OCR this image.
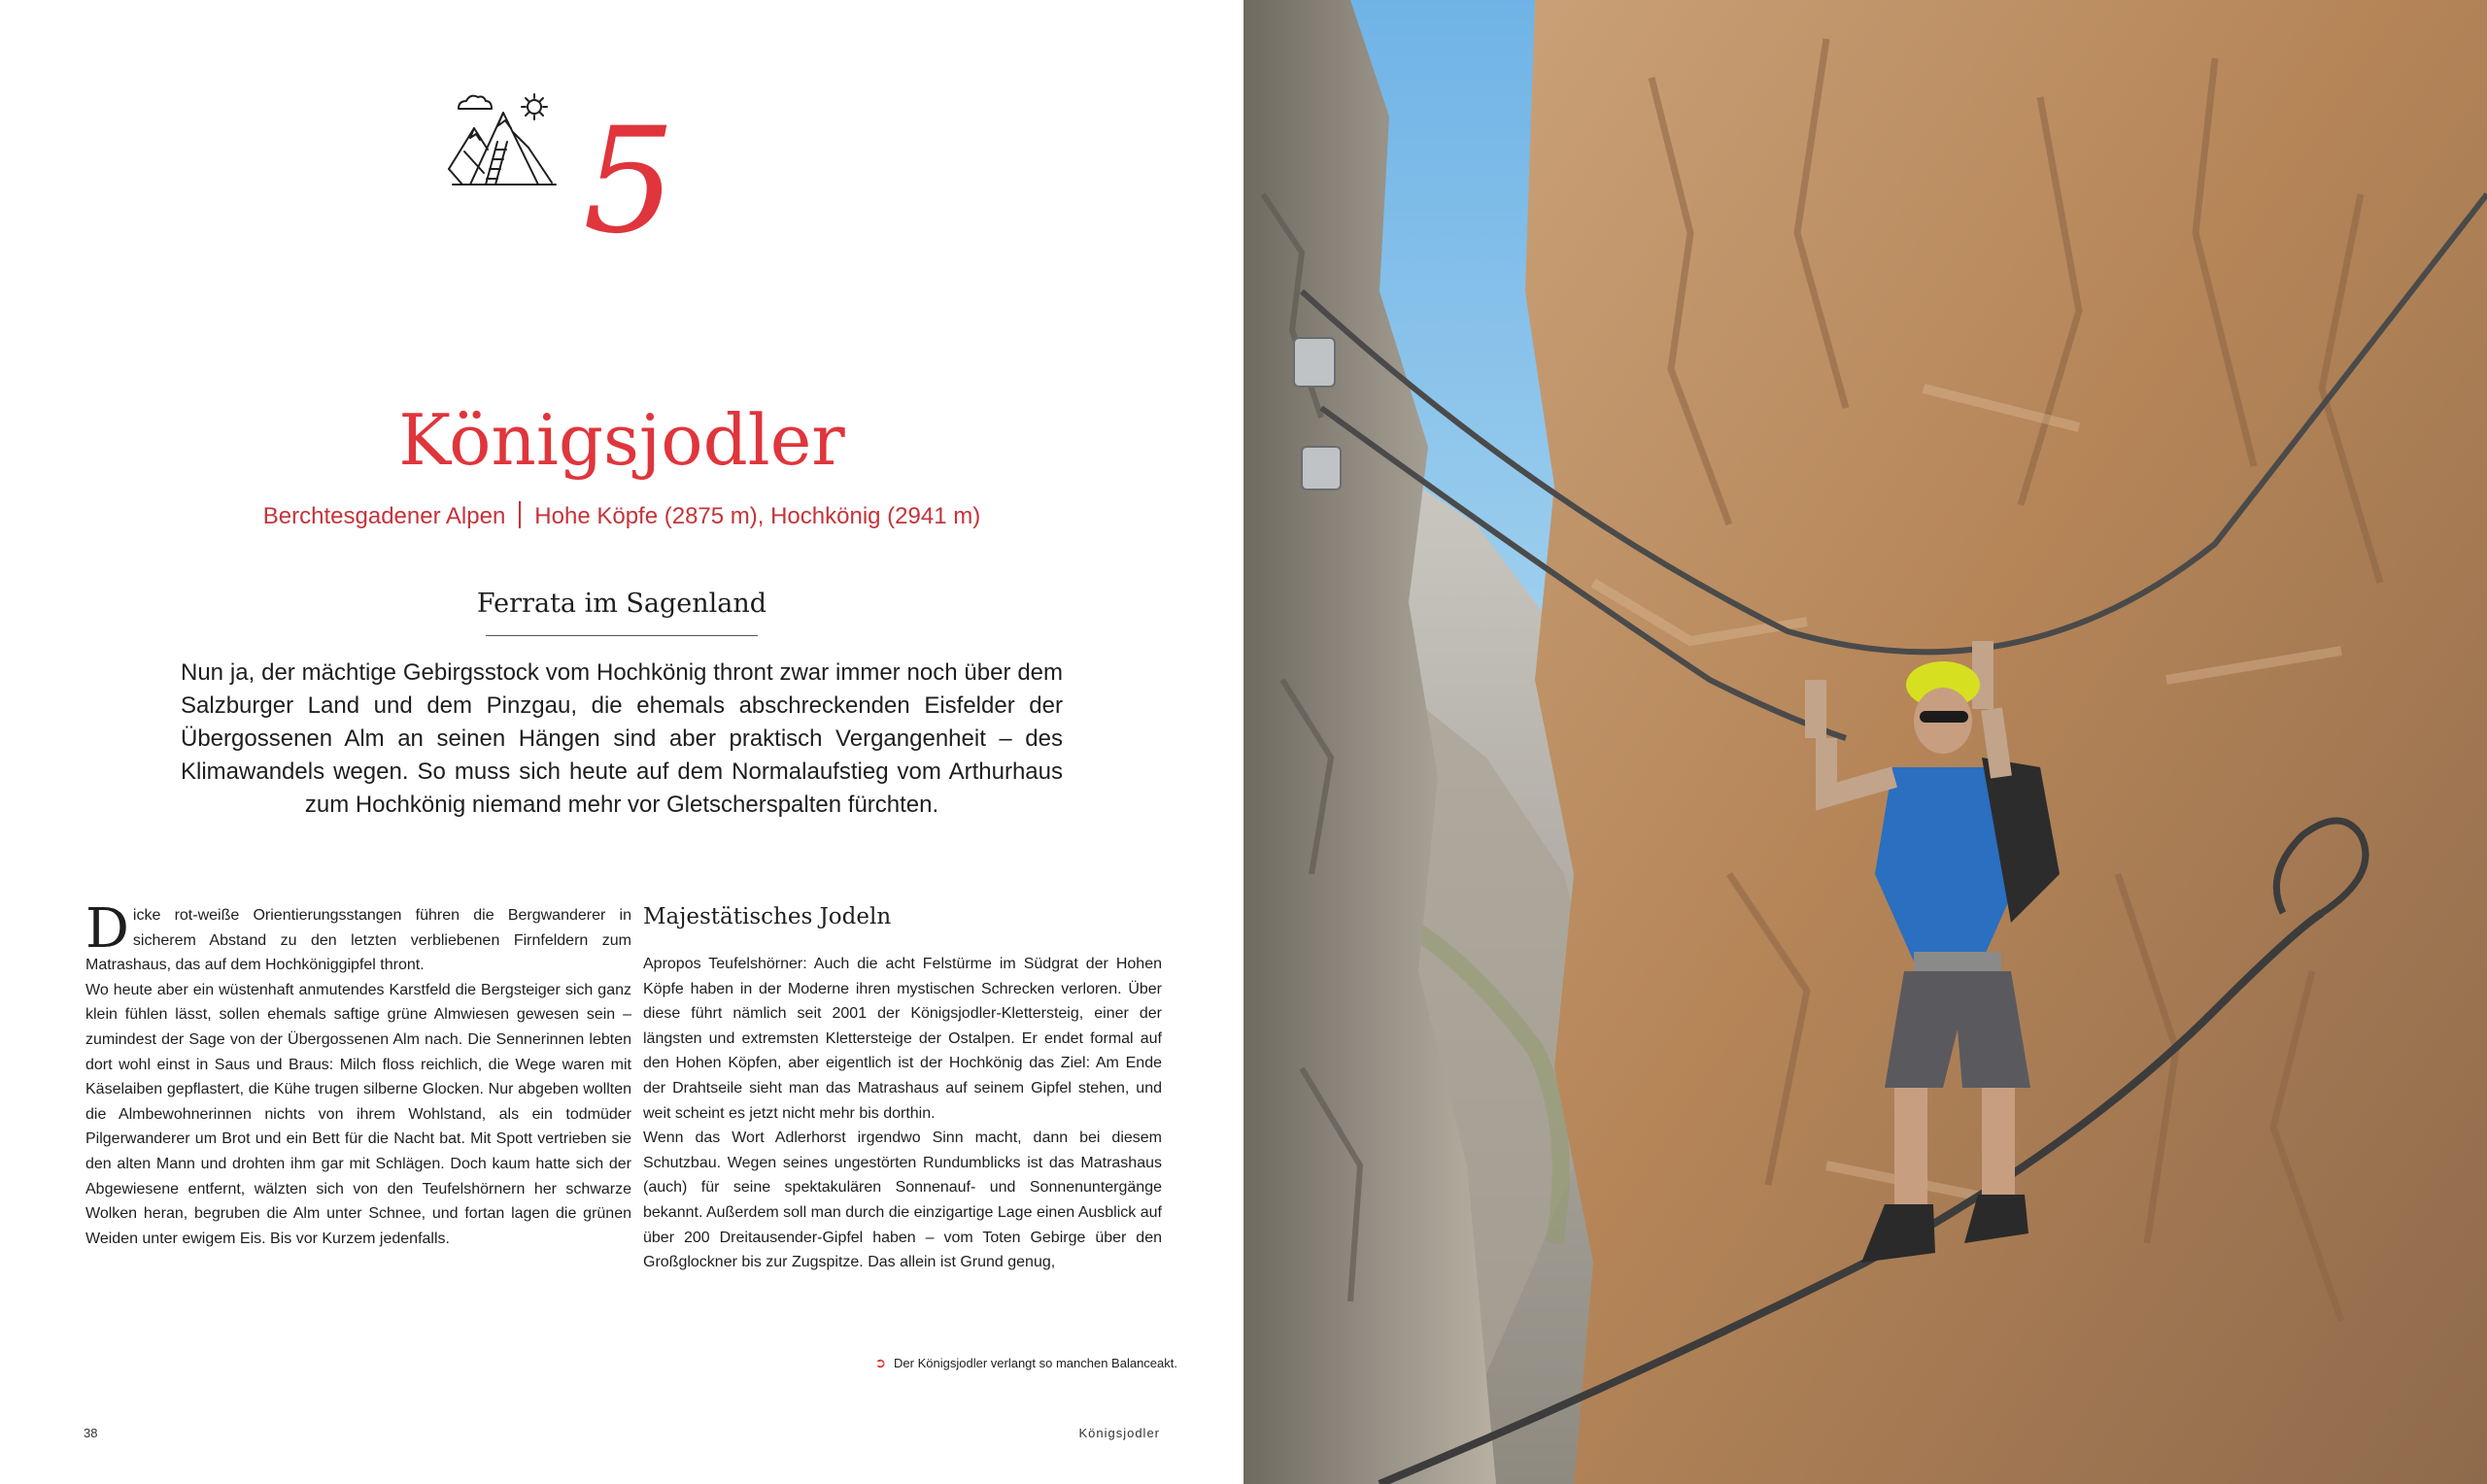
5
Königsjodler
Berchtesgadener Alpen Hohe Köpfe (2875 m), Hochkönig (2941 m)
Ferrata im Sagenland

Nun ja, der mächtige Gebirgsstock vom Hochkönig thront zwar immer noch über dem Salzburger Land und dem Pinzgau, die ehemals abschreckenden Eisfelder der Übergossenen Alm an seinen Hängen sind aber praktisch Vergangenheit – des Klimawandels wegen. So muss sich heute auf dem Normalaufstieg vom Arthurhaus zum Hochkönig niemand mehr vor Gletscherspalten fürchten.

Dicke rot-weiße Orientierungsstangen führen die Bergwanderer in sicherem Abstand zu den letzten verbliebenen Firnfeldern zum Matrashaus, das auf dem Hochköniggipfel thront.

Wo heute aber ein wüstenhaft anmutendes Karstfeld die Bergsteiger sich ganz klein fühlen lässt, sollen ehemals saftige grüne Almwiesen gewesen sein – zumindest der Sage von der Übergossenen Alm nach. Die Sennerinnen lebten dort wohl einst in Saus und Braus: Milch floss reichlich, die Wege waren mit Käselaiben gepflastert, die Kühe trugen silberne Glocken. Nur abgeben wollten die Almbewohnerinnen nichts von ihrem Wohlstand, als ein todmüder Pilgerwanderer um Brot und ein Bett für die Nacht bat. Mit Spott vertrieben sie den alten Mann und drohten ihm gar mit Schlägen. Doch kaum hatte sich der Abgewiesene entfernt, wälzten sich von den Teufelshörnern her schwarze Wolken heran, begruben die Alm unter Schnee, und fortan lagen die grünen Weiden unter ewigem Eis. Bis vor Kurzem jedenfalls.

Majestätisches Jodeln

Apropos Teufelshörner: Auch die acht Felstürme im Südgrat der Hohen Köpfe haben in der Moderne ihren mystischen Schrecken verloren. Über diese führt nämlich seit 2001 der Königsjodler-Klettersteig, einer der längsten und extremsten Klettersteige der Ostalpen. Er endet formal auf den Hohen Köpfen, aber eigentlich ist der Hochkönig das Ziel: Am Ende der Drahtseile sieht man das Matrashaus auf seinem Gipfel stehen, und weit scheint es jetzt nicht mehr bis dorthin.

Wenn das Wort Adlerhorst irgendwo Sinn macht, dann bei diesem Schutzbau. Wegen seines ungestörten Rundumblicks ist das Matrashaus (auch) für seine spektakulären Sonnenauf- und Sonnenuntergänge bekannt. Außerdem soll man durch die einzigartige Lage einen Ausblick auf über 200 Dreitausender-Gipfel haben – vom Toten Gebirge über den Großglockner bis zur Zugspitze. Das allein ist Grund genug,

➲ Der Königsjodler verlangt so manchen Balanceakt.
38	Königsjodler
